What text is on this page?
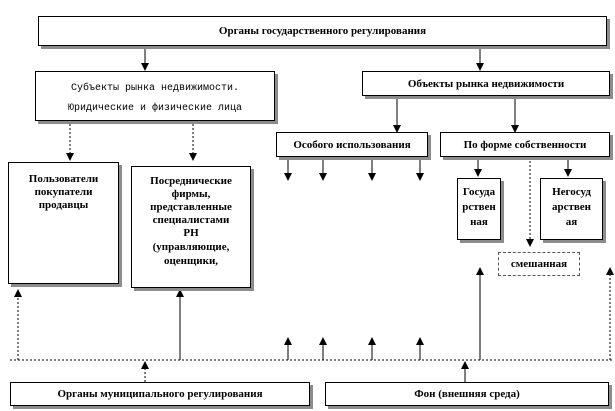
Органы государственного регулирования
Субъекты рынка недвижимости.
Юридические и физические лица
Объекты рынка недвижимости
Особого использования	По форме собственности
Пользователи
покупатели
продавцы
Посреднические
фирмы,
представленные
специалистами
РН
(управляющие,
оценщики,
Госуда
рствен
ная
Негосуд
арствен
ая
смешанная
Органы муниципального регулирования	Фон (внешняя среда)
